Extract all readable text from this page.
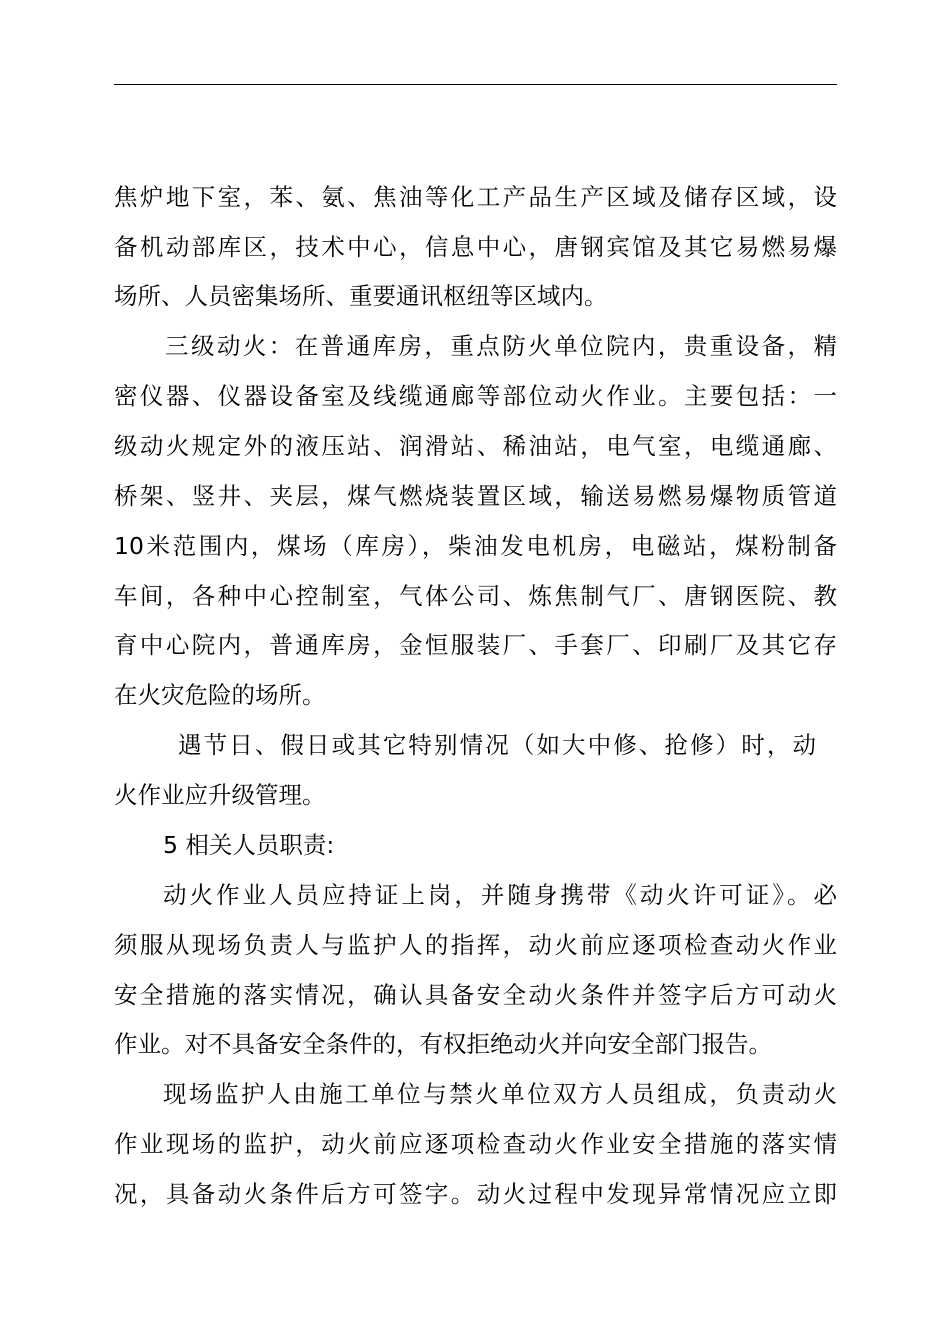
焦炉地下室，苯、氨、焦油等化工产品生产区域及储存区域，设
备机动部库区，技术中心，信息中心，唐钢宾馆及其它易燃易爆
场所、人员密集场所、重要通讯枢纽等区域内。
三级动火：在普通库房，重点防火单位院内，贵重设备，精
密仪器、仪器设备室及线缆通廊等部位动火作业。主要包括：一
级动火规定外的液压站、润滑站、稀油站，电气室，电缆通廊、
桥架、竖井、夹层，煤气燃烧装置区域，输送易燃易爆物质管道
10米范围内，煤场（库房），柴油发电机房，电磁站，煤粉制备
车间，各种中心控制室，气体公司、炼焦制气厂、唐钢医院、教
育中心院内，普通库房，金恒服装厂、手套厂、印刷厂及其它存
在火灾危险的场所。
遇节日、假日或其它特别情况（如大中修、抢修）时，动
火作业应升级管理。
5 相关人员职责:
动火作业人员应持证上岗，并随身携带《动火许可证》。必
须服从现场负责人与监护人的指挥，动火前应逐项检查动火作业
安全措施的落实情况，确认具备安全动火条件并签字后方可动火
作业。对不具备安全条件的，有权拒绝动火并向安全部门报告。
现场监护人由施工单位与禁火单位双方人员组成，负责动火
作业现场的监护，动火前应逐项检查动火作业安全措施的落实情
况，具备动火条件后方可签字。动火过程中发现异常情况应立即
